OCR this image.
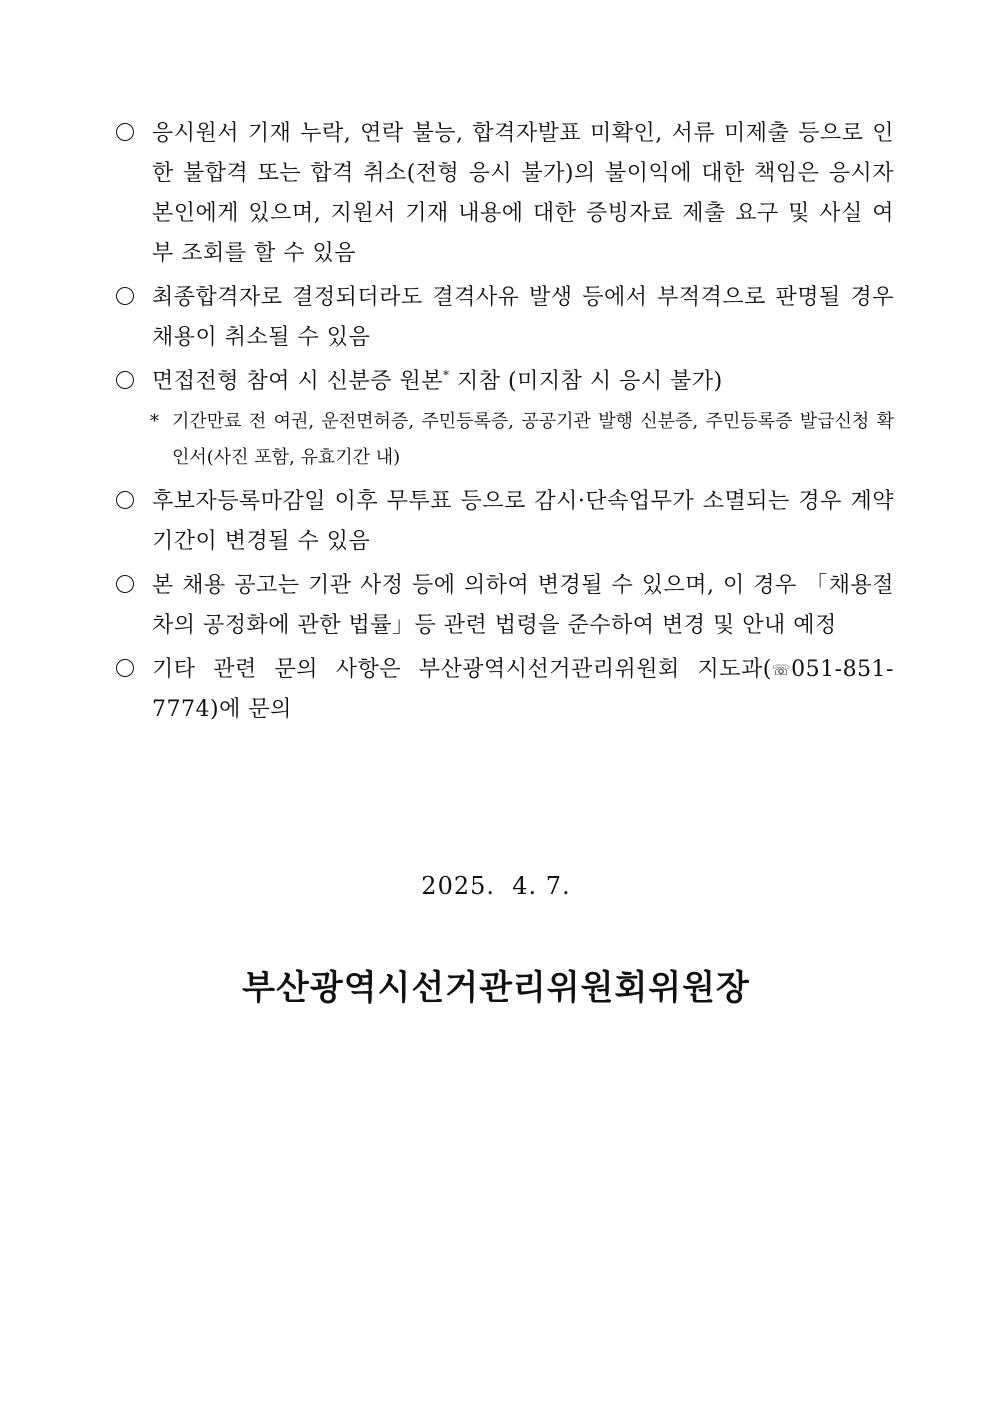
응시원서 기재 누락, 연락 불능, 합격자발표 미확인, 서류 미제출 등으로 인한 불합격 또는 합격 취소(전형 응시 불가)의 불이익에 대한 책임은 응시자 본인에게 있으며, 지원서 기재 내용에 대한 증빙자료 제출 요구 및 사실 여부 조회를 할 수 있음
최종합격자로 결정되더라도 결격사유 발생 등에서 부적격으로 판명될 경우 채용이 취소될 수 있음
면접전형 참여 시 신분증 원본* 지참 (미지참 시 응시 불가)
* 기간만료 전 여권, 운전면허증, 주민등록증, 공공기관 발행 신분증, 주민등록증 발급신청 확인서(사진 포함, 유효기간 내)
후보자등록마감일 이후 무투표 등으로 감시·단속업무가 소멸되는 경우 계약기간이 변경될 수 있음
본 채용 공고는 기관 사정 등에 의하여 변경될 수 있으며, 이 경우 「채용절차의 공정화에 관한 법률」등 관련 법령을 준수하여 변경 및 안내 예정
기타 관련 문의 사항은 부산광역시선거관리위원회 지도과(☏051-851-7774)에 문의
2025.  4. 7.
부산광역시선거관리위원회위원장
